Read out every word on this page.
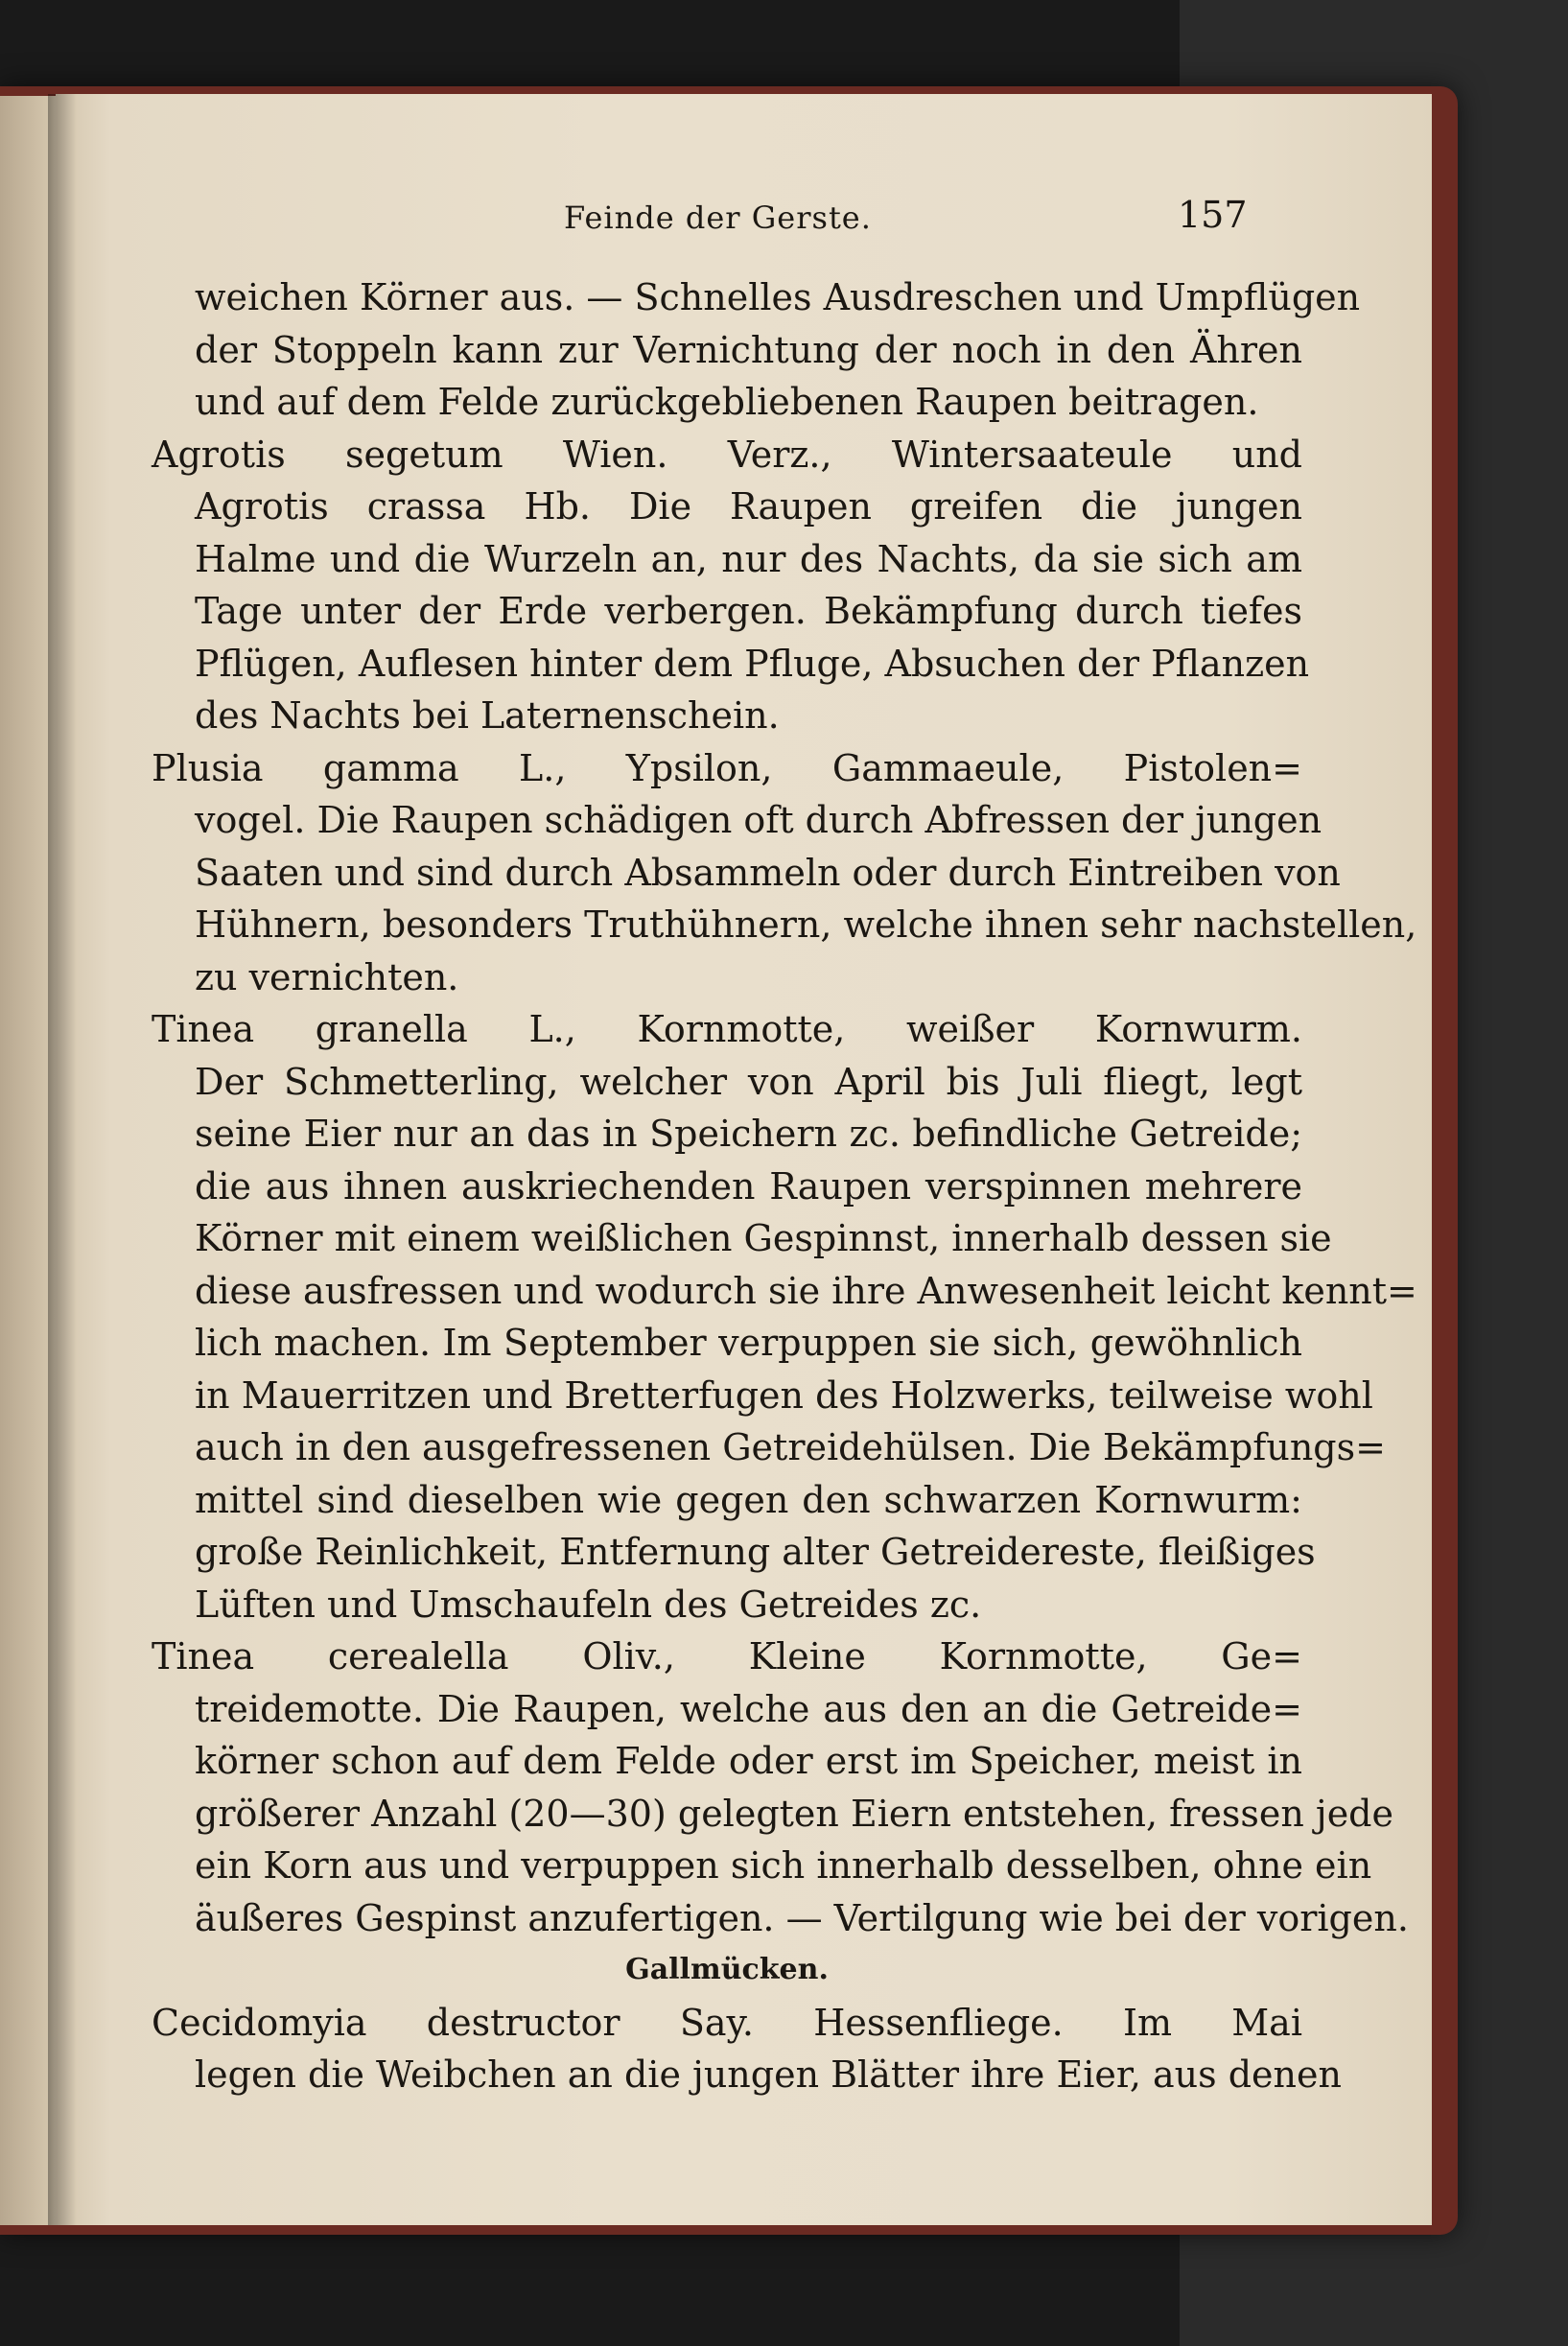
Feinde der Gerste.	157
weichen Körner aus. — Schnelles Ausdreschen und Umpflügen
der Stoppeln kann zur Vernichtung der noch in den Ähren
und auf dem Felde zurückgebliebenen Raupen beitragen.
Agrotis segetum Wien. Verz., Wintersaateule und
Agrotis crassa Hb. Die Raupen greifen die jungen
Halme und die Wurzeln an, nur des Nachts, da sie sich am
Tage unter der Erde verbergen. Bekämpfung durch tiefes
Pflügen, Auflesen hinter dem Pfluge, Absuchen der Pflanzen
des Nachts bei Laternenschein.
Plusia gamma L., Ypsilon, Gammaeule, Pistolen=
vogel. Die Raupen schädigen oft durch Abfressen der jungen
Saaten und sind durch Absammeln oder durch Eintreiben von
Hühnern, besonders Truthühnern, welche ihnen sehr nachstellen,
zu vernichten.
Tinea granella L., Kornmotte, weißer Kornwurm.
Der Schmetterling, welcher von April bis Juli fliegt, legt
seine Eier nur an das in Speichern zc. befindliche Getreide;
die aus ihnen auskriechenden Raupen verspinnen mehrere
Körner mit einem weißlichen Gespinnst, innerhalb dessen sie
diese ausfressen und wodurch sie ihre Anwesenheit leicht kennt=
lich machen. Im September verpuppen sie sich, gewöhnlich
in Mauerritzen und Bretterfugen des Holzwerks, teilweise wohl
auch in den ausgefressenen Getreidehülsen. Die Bekämpfungs=
mittel sind dieselben wie gegen den schwarzen Kornwurm:
große Reinlichkeit, Entfernung alter Getreidereste, fleißiges
Lüften und Umschaufeln des Getreides zc.
Tinea cerealella Oliv., Kleine Kornmotte, Ge=
treidemotte. Die Raupen, welche aus den an die Getreide=
körner schon auf dem Felde oder erst im Speicher, meist in
größerer Anzahl (20—30) gelegten Eiern entstehen, fressen jede
ein Korn aus und verpuppen sich innerhalb desselben, ohne ein
äußeres Gespinst anzufertigen. — Vertilgung wie bei der vorigen.
Gallmücken.
Cecidomyia destructor Say. Hessenfliege. Im Mai
legen die Weibchen an die jungen Blätter ihre Eier, aus denen
